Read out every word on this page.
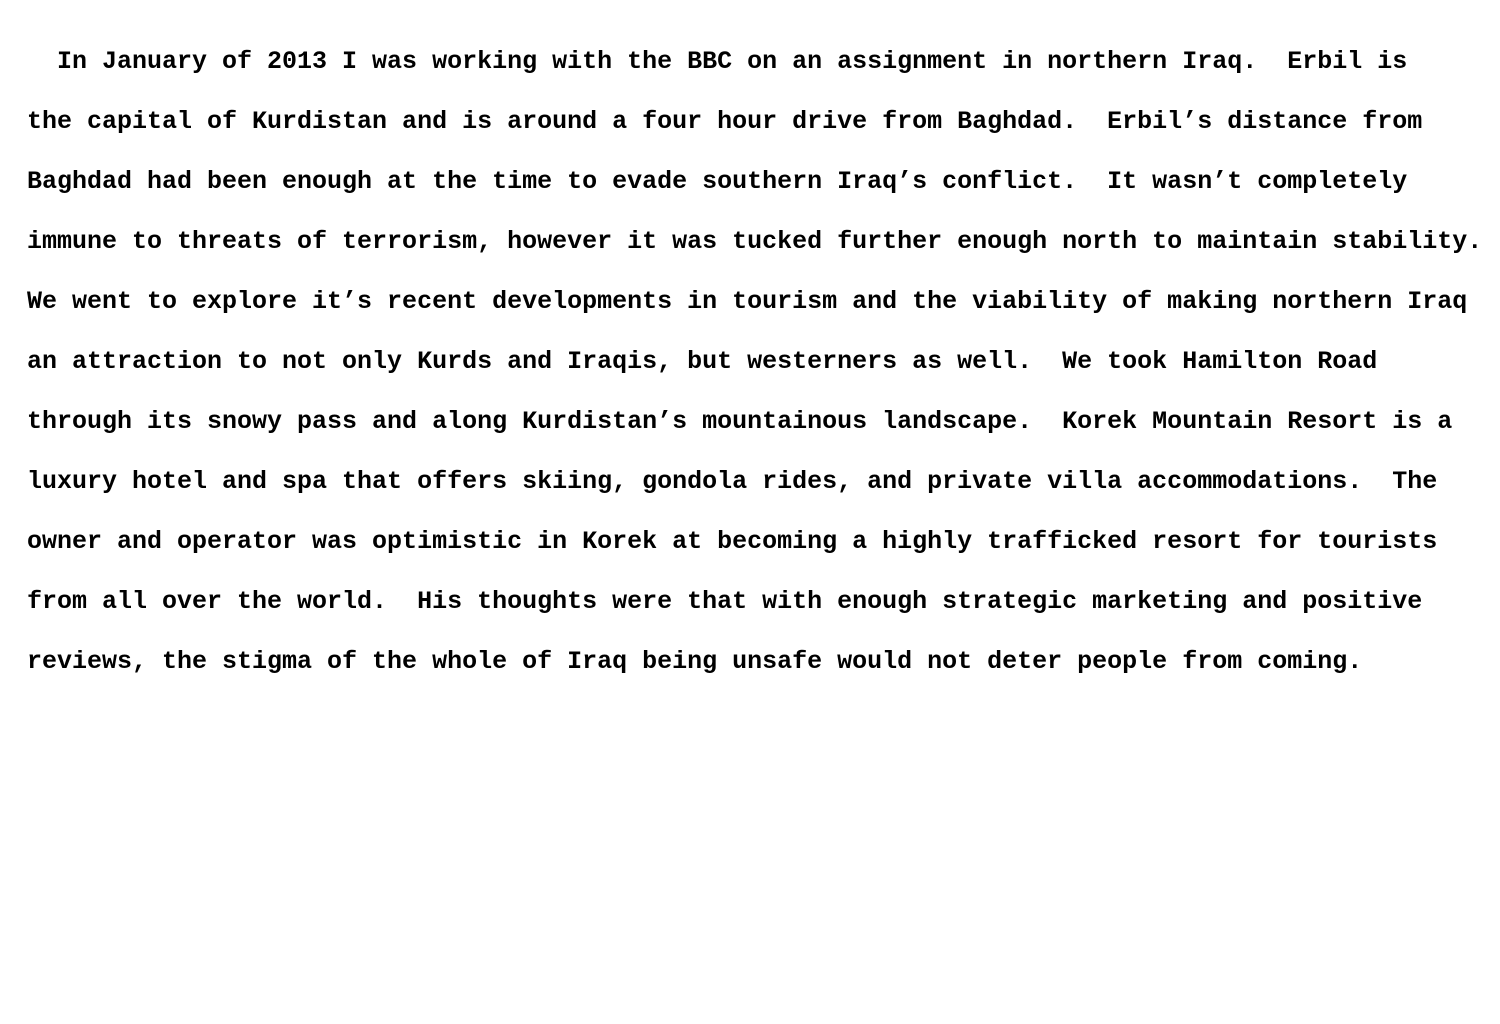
In January of 2013 I was working with the BBC on an assignment in northern Iraq.  Erbil is

the capital of Kurdistan and is around a four hour drive from Baghdad.  Erbil’s distance from

Baghdad had been enough at the time to evade southern Iraq’s conflict.  It wasn’t completely

immune to threats of terrorism, however it was tucked further enough north to maintain stability.

We went to explore it’s recent developments in tourism and the viability of making northern Iraq

an attraction to not only Kurds and Iraqis, but westerners as well.  We took Hamilton Road

through its snowy pass and along Kurdistan’s mountainous landscape.  Korek Mountain Resort is a

luxury hotel and spa that offers skiing, gondola rides, and private villa accommodations.  The

owner and operator was optimistic in Korek at becoming a highly trafficked resort for tourists

from all over the world.  His thoughts were that with enough strategic marketing and positive

reviews, the stigma of the whole of Iraq being unsafe would not deter people from coming.
